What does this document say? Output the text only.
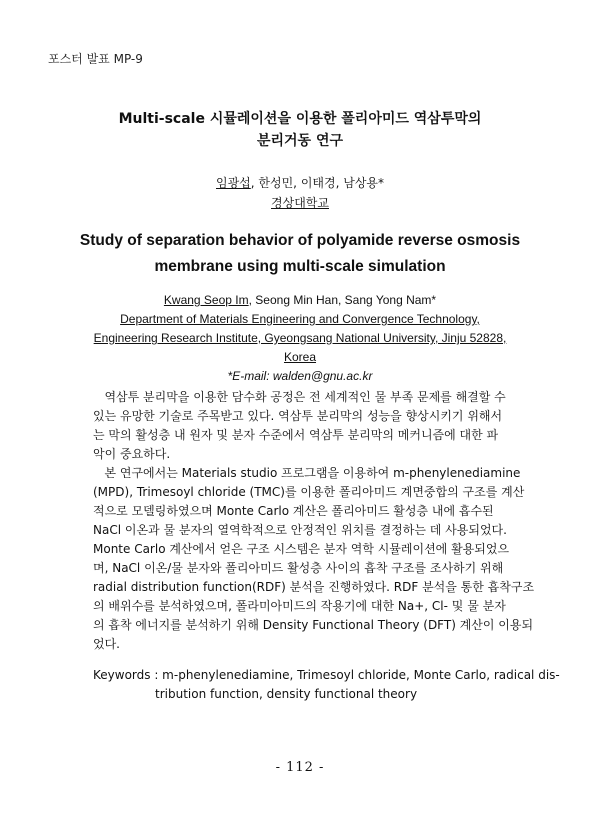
포스터 발표 MP-9
Multi-scale 시뮬레이션을 이용한 폴리아미드 역삼투막의
분리거동 연구
임광섭, 한성민, 이태경, 남상용*
경상대학교
Study of separation behavior of polyamide reverse osmosis
membrane using multi-scale simulation
Kwang Seop Im, Seong Min Han, Sang Yong Nam*
Department of Materials Engineering and Convergence Technology,
Engineering Research Institute, Gyeongsang National University, Jinju 52828,
Korea
*E-mail: walden@gnu.ac.kr
역삼투 분리막을 이용한 담수화 공정은 전 세계적인 물 부족 문제를 해결할 수
있는 유망한 기술로 주목받고 있다. 역삼투 분리막의 성능을 향상시키기 위해서
는 막의 활성층 내 원자 및 분자 수준에서 역삼투 분리막의 메커니즘에 대한 파
악이 중요하다.
본 연구에서는 Materials studio 프로그램을 이용하여 m-phenylenediamine
(MPD), Trimesoyl chloride (TMC)를 이용한 폴리아미드 계면중합의 구조를 계산
적으로 모델링하였으며 Monte Carlo 계산은 폴리아미드 활성층 내에 흡수된
NaCl 이온과 물 분자의 열역학적으로 안정적인 위치를 결정하는 데 사용되었다.
Monte Carlo 계산에서 얻은 구조 시스템은 분자 역학 시뮬레이션에 활용되었으
며, NaCl 이온/물 분자와 폴리아미드 활성층 사이의 흡착 구조를 조사하기 위해
radial distribution function(RDF) 분석을 진행하였다. RDF 분석을 통한 흡착구조
의 배위수를 분석하였으며, 폴라미아미드의 작용기에 대한 Na+, Cl- 및 물 분자
의 흡착 에너지를 분석하기 위해 Density Functional Theory (DFT) 계산이 이용되
었다.
Keywords : m-phenylenediamine, Trimesoyl chloride, Monte Carlo, radical dis-
tribution function, density functional theory
- 112 -
